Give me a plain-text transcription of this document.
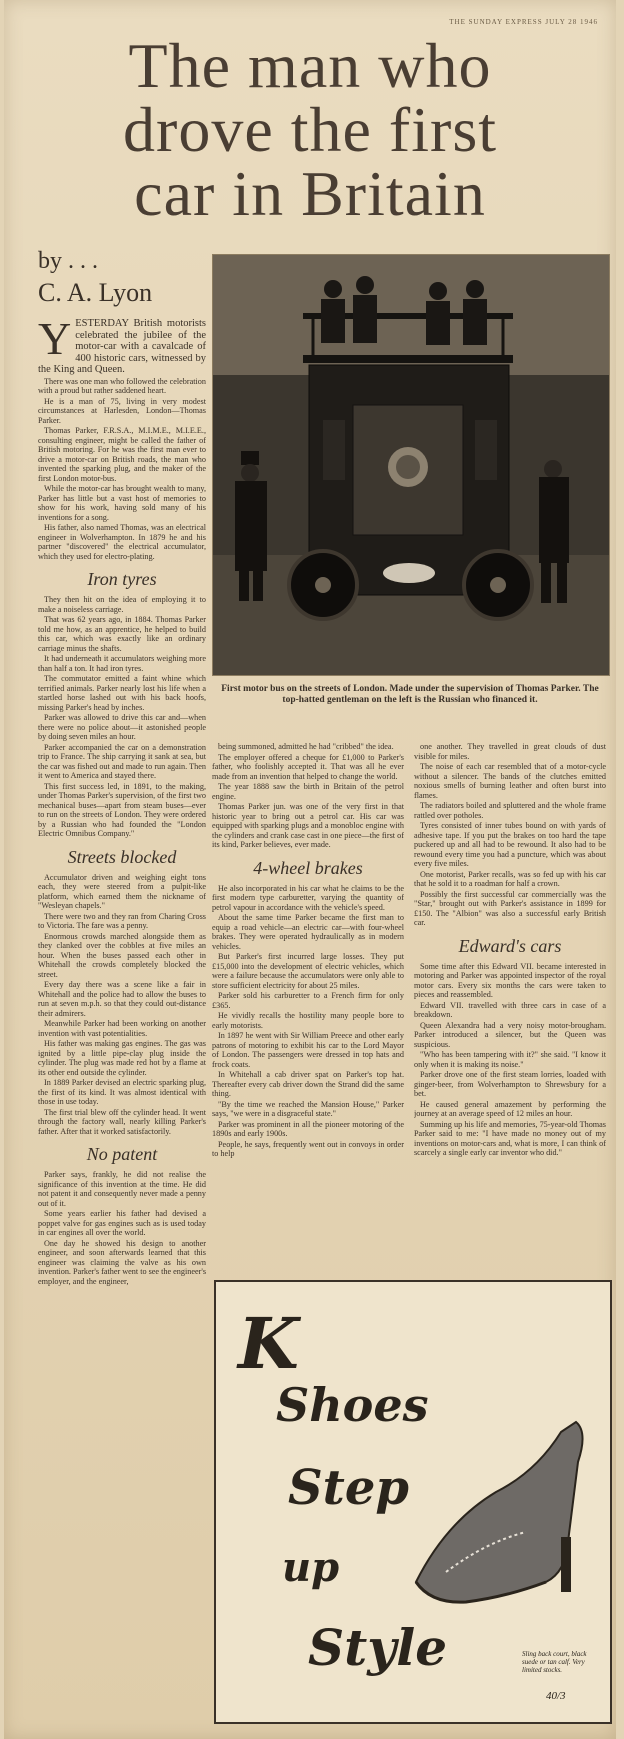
THE SUNDAY EXPRESS JULY 28 1946
The man who
drove the first
car in Britain
by . . .
C. A. Lyon

YESTERDAY British motorists celebrated the jubilee of the motor-car with a cavalcade of 400 historic cars, witnessed by the King and Queen.

There was one man who followed the celebration with a proud but rather saddened heart.

He is a man of 75, living in very modest circumstances at Harlesden, London—Thomas Parker.

Thomas Parker, F.R.S.A., M.I.M.E., M.I.E.E., consulting engineer, might be called the father of British motoring. For he was the first man ever to drive a motor-car on British roads, the man who invented the sparking plug, and the maker of the first London motor-bus.

While the motor-car has brought wealth to many, Parker has little but a vast host of memories to show for his work, having sold many of his inventions for a song.

His father, also named Thomas, was an electrical engineer in Wolverhampton. In 1879 he and his partner "discovered" the electrical accumulator, which they used for electro-plating.

Iron tyres

They then hit on the idea of employing it to make a noiseless carriage.

That was 62 years ago, in 1884. Thomas Parker told me how, as an apprentice, he helped to build this car, which was exactly like an ordinary carriage minus the shafts.

It had underneath it accumulators weighing more than half a ton. It had iron tyres.

The commutator emitted a faint whine which terrified animals. Parker nearly lost his life when a startled horse lashed out with his back hoofs, missing Parker's head by inches.

Parker was allowed to drive this car and—when there were no police about—it astonished people by doing seven miles an hour.

Parker accompanied the car on a demonstration trip to France. The ship carrying it sank at sea, but the car was fished out and made to run again. Then it went to America and stayed there.

This first success led, in 1891, to the making, under Thomas Parker's supervision, of the first two mechanical buses—apart from steam buses—ever to run on the streets of London. They were ordered by a Russian who had founded the "London Electric Omnibus Company."

Streets blocked

Accumulator driven and weighing eight tons each, they were steered from a pulpit-like platform, which earned them the nickname of "Wesleyan chapels."

There were two and they ran from Charing Cross to Victoria. The fare was a penny.

Enormous crowds marched alongside them as they clanked over the cobbles at five miles an hour. When the buses passed each other in Whitehall the crowds completely blocked the street.

Every day there was a scene like a fair in Whitehall and the police had to allow the buses to run at seven m.p.h. so that they could out-distance their admirers.

Meanwhile Parker had been working on another invention with vast potentialities.

His father was making gas engines. The gas was ignited by a little pipe-clay plug inside the cylinder. The plug was made red hot by a flame at its other end outside the cylinder.

In 1889 Parker devised an electric sparking plug, the first of its kind. It was almost identical with those in use today.

The first trial blew off the cylinder head. It went through the factory wall, nearly killing Parker's father. After that it worked satisfactorily.

No patent

Parker says, frankly, he did not realise the significance of this invention at the time. He did not patent it and consequently never made a penny out of it.

Some years earlier his father had devised a poppet valve for gas engines such as is used today in car engines all over the world.

One day he showed his design to another engineer, and soon afterwards learned that this engineer was claiming the valve as his own invention. Parker's father went to see the engineer's employer, and the engineer,

First motor bus on the streets of London. Made under the supervision of Thomas Parker. The top-hatted gentleman on the left is the Russian who financed it.

being summoned, admitted he had "cribbed" the idea.

The employer offered a cheque for £1,000 to Parker's father, who foolishly accepted it. That was all he ever made from an invention that helped to change the world.

The year 1888 saw the birth in Britain of the petrol engine.

Thomas Parker jun. was one of the very first in that historic year to bring out a petrol car. His car was equipped with sparking plugs and a monobloc engine with the cylinders and crank case cast in one piece—the first of its kind, Parker believes, ever made.

4-wheel brakes

He also incorporated in his car what he claims to be the first modern type carburetter, varying the quantity of petrol vapour in accordance with the vehicle's speed.

About the same time Parker became the first man to equip a road vehicle—an electric car—with four-wheel brakes. They were operated hydraulically as in modern vehicles.

But Parker's first incurred large losses. They put £15,000 into the development of electric vehicles, which were a failure because the accumulators were only able to store sufficient electricity for about 25 miles.

Parker sold his carburetter to a French firm for only £365.

He vividly recalls the hostility many people bore to early motorists.

In 1897 he went with Sir William Preece and other early patrons of motoring to exhibit his car to the Lord Mayor of London. The passengers were dressed in top hats and frock coats.

In Whitehall a cab driver spat on Parker's top hat. Thereafter every cab driver down the Strand did the same thing.

"By the time we reached the Mansion House," Parker says, "we were in a disgraceful state."

Parker was prominent in all the pioneer motoring of the 1890s and early 1900s.

People, he says, frequently went out in convoys in order to help

one another. They travelled in great clouds of dust visible for miles.

The noise of each car resembled that of a motor-cycle without a silencer. The bands of the clutches emitted noxious smells of burning leather and often burst into flames.

The radiators boiled and spluttered and the whole frame rattled over potholes.

Tyres consisted of inner tubes bound on with yards of adhesive tape. If you put the brakes on too hard the tape puckered up and all had to be rewound. It also had to be rewound every time you had a puncture, which was about every five miles.

One motorist, Parker recalls, was so fed up with his car that he sold it to a roadman for half a crown.

Possibly the first successful car commercially was the "Star," brought out with Parker's assistance in 1899 for £150. The "Albion" was also a successful early British car.

Edward's cars

Some time after this Edward VII. became interested in motoring and Parker was appointed inspector of the royal motor cars. Every six months the cars were taken to pieces and reassembled.

Edward VII. travelled with three cars in case of a breakdown.

Queen Alexandra had a very noisy motor-brougham. Parker introduced a silencer, but the Queen was suspicious.

"Who has been tampering with it?" she said. "I know it only when it is making its noise."

Parker drove one of the first steam lorries, loaded with ginger-beer, from Wolverhampton to Shrewsbury for a bet.

He caused general amazement by performing the journey at an average speed of 12 miles an hour.

Summing up his life and memories, 75-year-old Thomas Parker said to me: "I have made no money out of my inventions on motor-cars and, what is more, I can think of scarcely a single early car inventor who did."

K
Shoes
Step
up
Style	Sling back court, black suede or tan calf. Very limited stocks.
40/3
